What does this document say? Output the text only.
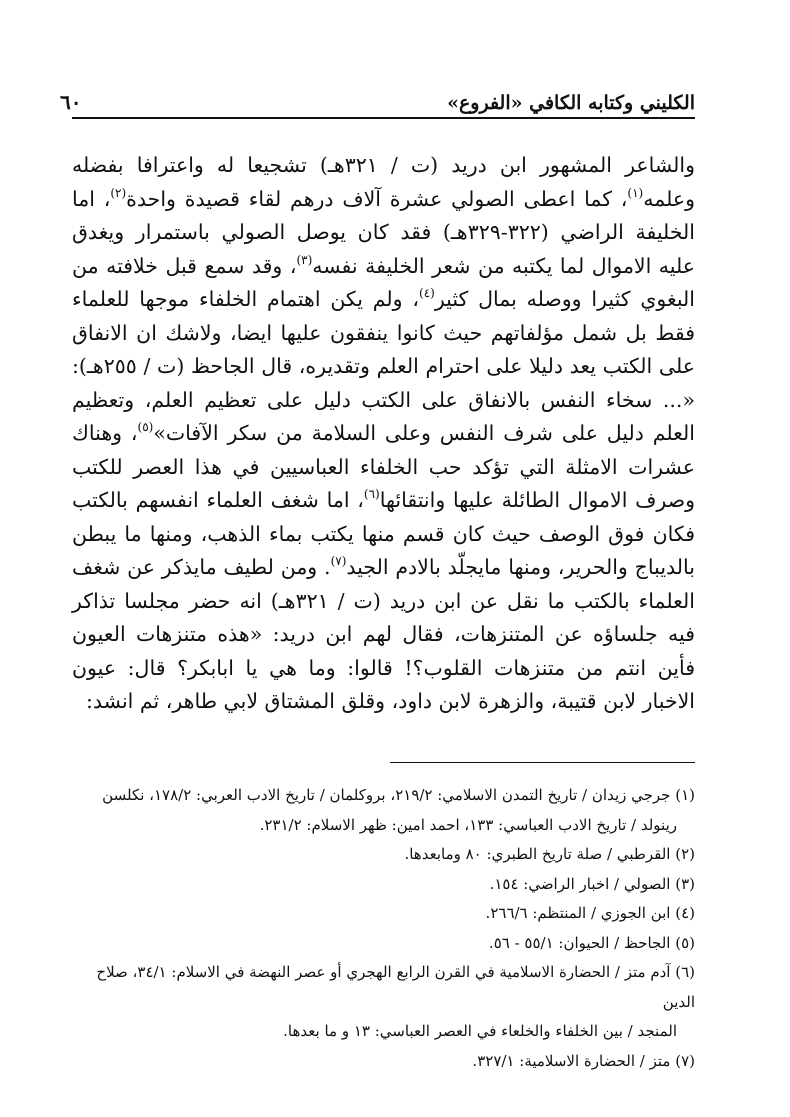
الكليني وكتابه الكافي «الفروع»
٦٠

والشاعر المشهور ابن دريد (ت / ٣٢١هـ) تشجيعا له واعترافا بفضله وعلمه$^{(١)}$، كما اعطى الصولي عشرة آلاف درهم لقاء قصيدة واحدة$^{(٢)}$، اما الخليفة الراضي (٣٢٢-٣٢٩هـ) فقد كان يوصل الصولي باستمرار ويغدق عليه الاموال لما يكتبه من شعر الخليفة نفسه$^{(٣)}$، وقد سمع قبل خلافته من البغوي كثيرا ووصله بمال كثير$^{(٤)}$، ولم يكن اهتمام الخلفاء موجها للعلماء فقط بل شمل مؤلفاتهم حيث كانوا ينفقون عليها ايضا، ولاشك ان الانفاق على الكتب يعد دليلا على احترام العلم وتقديره، قال الجاحظ (ت / ٢٥٥هـ): «... سخاء النفس بالانفاق على الكتب دليل على تعظيم العلم، وتعظيم العلم دليل على شرف النفس وعلى السلامة من سكر الآفات»$^{(٥)}$، وهناك عشرات الامثلة التي تؤكد حب الخلفاء العباسيين في هذا العصر للكتب وصرف الاموال الطائلة عليها وانتقائها$^{(٦)}$، اما شغف العلماء انفسهم بالكتب فكان فوق الوصف حيث كان قسم منها يكتب بماء الذهب، ومنها ما يبطن بالديباج والحرير، ومنها مايجلّد بالادم الجيد$^{(٧)}$. ومن لطيف مايذكر عن شغف العلماء بالكتب ما نقل عن ابن دريد (ت / ٣٢١هـ) انه حضر مجلسا تذاكر فيه جلساؤه عن المتنزهات، فقال لهم ابن دريد: «هذه متنزهات العيون فأين انتم من متنزهات القلوب؟! قالوا: وما هي يا ابابكر؟ قال: عيون الاخبار لابن قتيبة، والزهرة لابن داود، وقلق المشتاق لابي طاهر، ثم انشد:

(١) جرجي زيدان / تاريخ التمدن الاسلامي: ٢١٩/٢، بروكلمان / تاريخ الادب العربي: ١٧٨/٢، نكلسن
رينولد / تاريخ الادب العباسي: ١٣٣، احمد امين: ظهر الاسلام: ٢٣١/٢.
(٢) القرطبي / صلة تاريخ الطبري: ٨٠ ومابعدها.
(٣) الصولي / اخبار الراضي: ١٥٤.
(٤) ابن الجوزي / المنتظم: ٢٦٦/٦.
(٥) الجاحظ / الحيوان: ٥٥/١ - ٥٦.
(٦) آدم متز / الحضارة الاسلامية في القرن الرابع الهجري أو عصر النهضة في الاسلام: ٣٤/١، صلاح الدين
المنجد / بين الخلفاء والخلعاء في العصر العباسي: ١٣ و ما بعدها.
(٧) متز / الحضارة الاسلامية: ٣٢٧/١.
